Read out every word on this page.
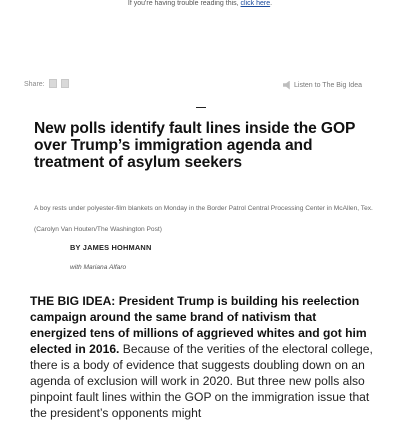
If you're having trouble reading this, click here.
Share:	Listen to The Big Idea
New polls identify fault lines inside the GOP over Trump’s immigration agenda and treatment of asylum seekers
A boy rests under polyester-film blankets on Monday in the Border Patrol Central Processing Center in McAllen, Tex. (Carolyn Van Houten/The Washington Post)
BY JAMES HOHMANN
with Mariana Alfaro

THE BIG IDEA: President Trump is building his reelection campaign around the same brand of nativism that energized tens of millions of aggrieved whites and got him elected in 2016. Because of the verities of the electoral college, there is a body of evidence that suggests doubling down on an agenda of exclusion will work in 2020. But three new polls also pinpoint fault lines within the GOP on the immigration issue that the president’s opponents might
